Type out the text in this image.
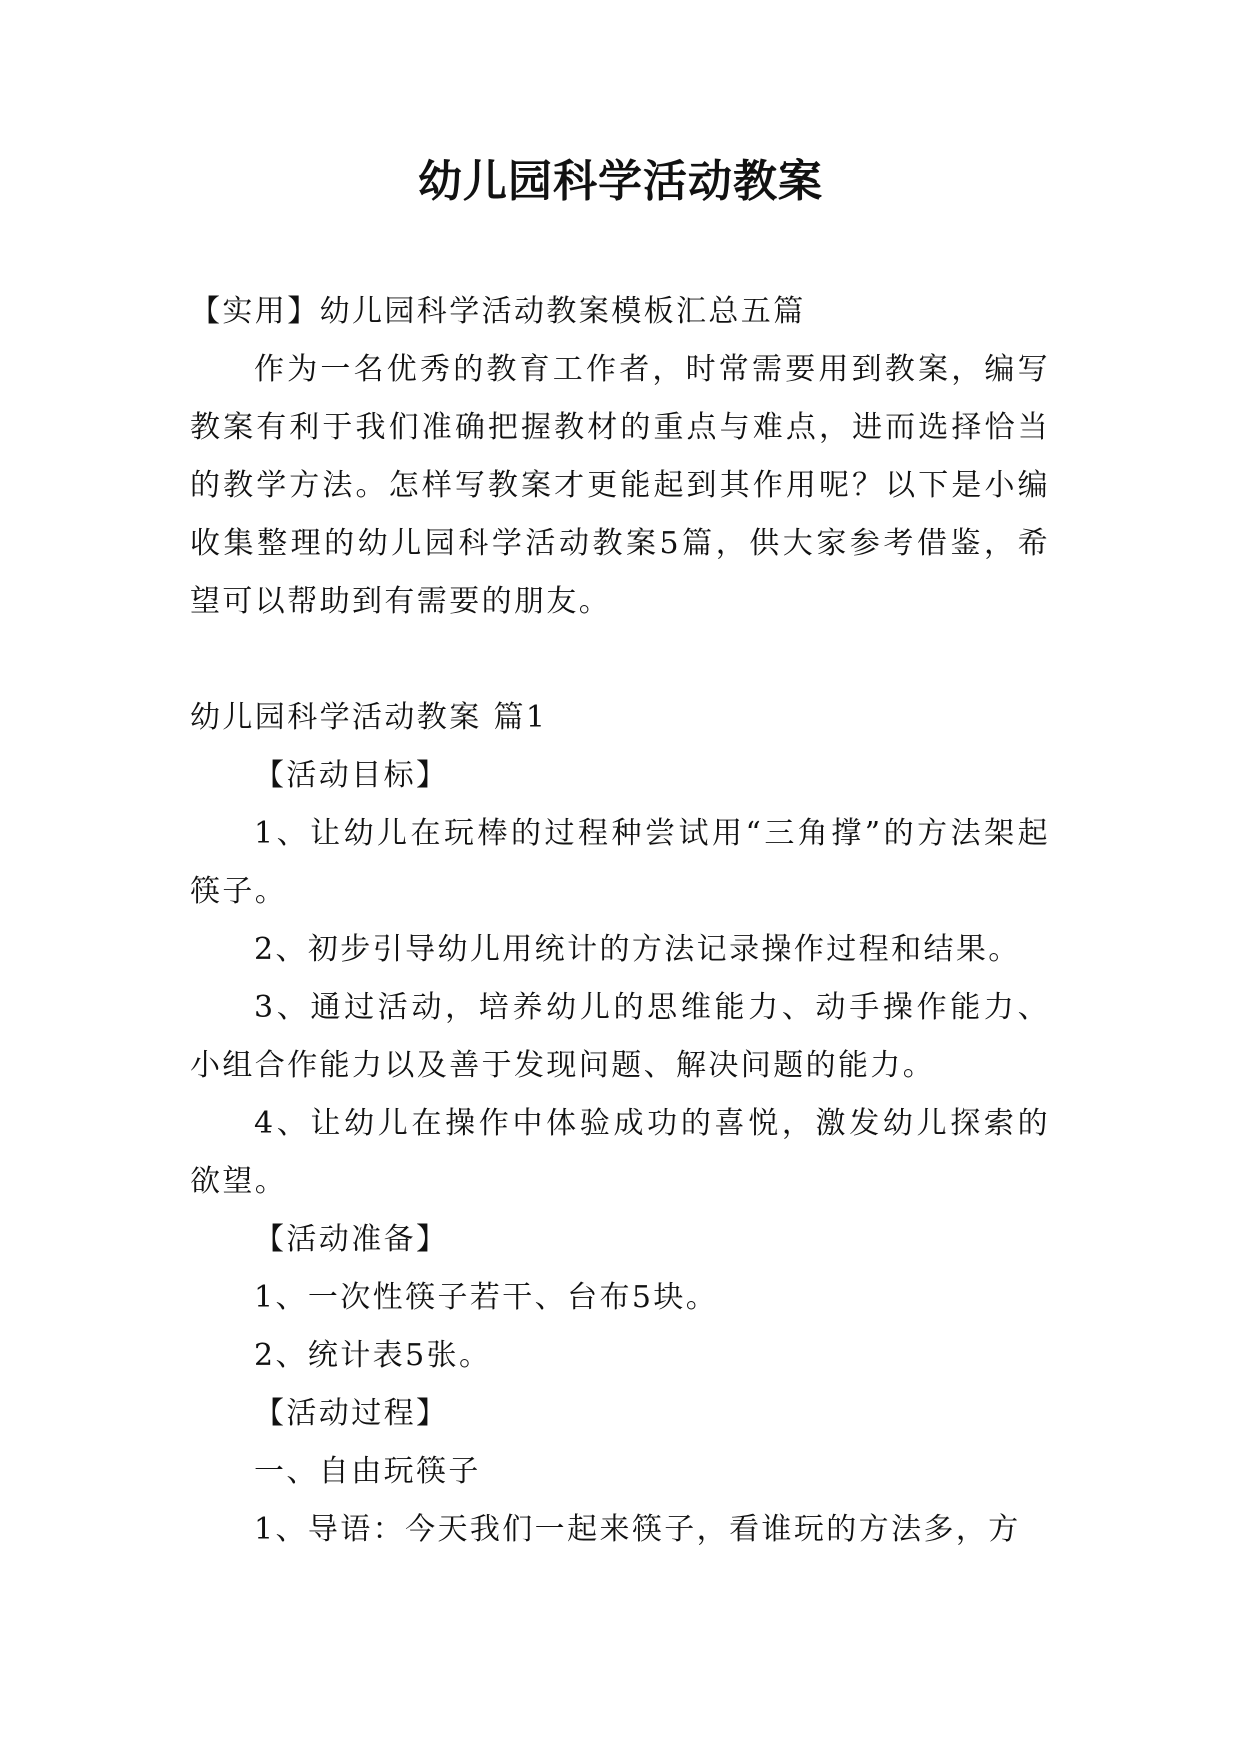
幼儿园科学活动教案

【实用】幼儿园科学活动教案模板汇总五篇

作为一名优秀的教育工作者，时常需要用到教案，编写教案有利于我们准确把握教材的重点与难点，进而选择恰当的教学方法。怎样写教案才更能起到其作用呢？以下是小编收集整理的幼儿园科学活动教案5篇，供大家参考借鉴，希望可以帮助到有需要的朋友。

幼儿园科学活动教案 篇1

【活动目标】

1、让幼儿在玩棒的过程种尝试用“三角撑”的方法架起筷子。

2、初步引导幼儿用统计的方法记录操作过程和结果。

3、通过活动，培养幼儿的思维能力、动手操作能力、小组合作能力以及善于发现问题、解决问题的能力。

4、让幼儿在操作中体验成功的喜悦，激发幼儿探索的欲望。

【活动准备】

1、一次性筷子若干、台布5块。

2、统计表5张。

【活动过程】

一、自由玩筷子

1、导语：今天我们一起来筷子，看谁玩的方法多，方
